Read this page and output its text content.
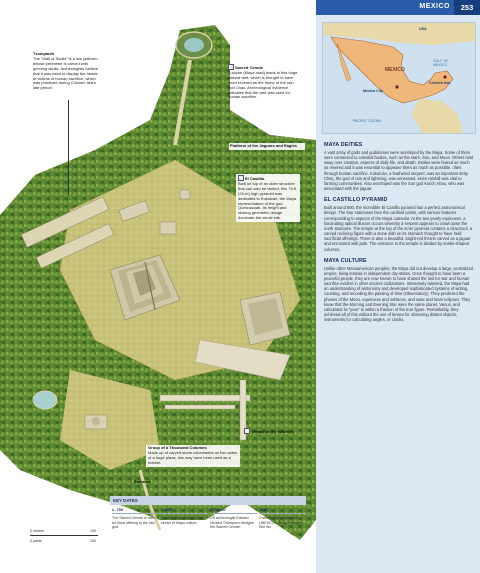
Tzompantli
The “Wall of Skulls” is a low platform whose perimeter is carved with grinning skulls. Archeologists believe that it was used to display the heads of victims of human sacrifice, which was practiced during Chichén Itzá’s late period.
Sacred Cenote
A sacbe (Maya road) leads to this huge natural well, which is thought to have been revered as the home of the rain god Chac. Archeological evidence indicates that the well was used for human sacrifice.
Platform of the Jaguars and Eagles
El Castillo
Built on top of an older structure that can also be visited, this 79-ft (24-m) high pyramid was dedicated to Kukulcán, the Maya representation of the god Quetzalcoatl. Its height and striking geometric design dominate the whole site.
Temple of the Warriors
Group of a Thousand Columns
Made up of carved stone colonnades on two sides of a huge plaza, this may have been used as a market.
Entrance
0 meters	150
0 yards	150
KEY DATES
c. 750
The Sacred Cenote is used for ritual offering to the rain god.
c. 900
Chichén Itzá becomes the center of Maya culture.
1904–10
US archeologist Edward Herbert Thompson dredges the Sacred Cenote.
1988
Chichén Itzá is added to UNESCO’s World Heritage Site list.
MEXICO	253
USA
MEXICO
Mexico City
Chichén Itzá
GULF OF MEXICO
PACIFIC OCEAN
MAYA DEITIES

A vast array of gods and goddesses were worshiped by the Maya. Some of them were connected to celestial bodies, such as the stars, Sun, and Moon. Others held sway over creation, aspects of daily life, and death. Deities were feared as much as revered and it was essential to appease them as much as possible, often through human sacrifice. Kukulcán, a feathered serpent, was an important deity. Chac, the god of rain and lightning, was venerated, since rainfall was vital to farming communities. Also worshiped was the Sun god Kinich Ahau, who was associated with the jaguar.

EL CASTILLO PYRAMID

Built around 800, the incredible El Castillo pyramid has a perfect astronomical design. The four staircases face the cardinal points, with various features corresponding to aspects of the Maya calendar. At the two yearly equinoxes, a fascinating optical illusion occurs whereby a serpent appears to crawl down the north staircase. The temple at the top of the inner pyramid contains a chacmool, a carved reclining figure with a stone dish on its stomach thought to have held sacrificial offerings. There is also a beautiful, bright-red throne carved as a jaguar and encrusted with jade. The entrance to the temple is divided by snake-shaped columns.

MAYA CULTURE

Unlike other Mesoamerican peoples, the Maya did not develop a large, centralized empire, living instead in independent city-states. Once thought to have been a peaceful people, they are now known to have shared the lust for war and human sacrifice evident in other ancient civilizations. Immensely talented, the Maya had an understanding of astronomy and developed sophisticated systems of writing, counting, and recording the passing of time (Observatory). They predicted the phases of the Moon, equinoxes and solstices, and solar and lunar eclipses. They knew that the Morning and Evening Star were the same planet, Venus, and calculated its “year” to within a fraction of the true figure. Remarkably, they achieved all of this without the use of lenses for observing distant objects, instruments for calculating angles, or clocks.
